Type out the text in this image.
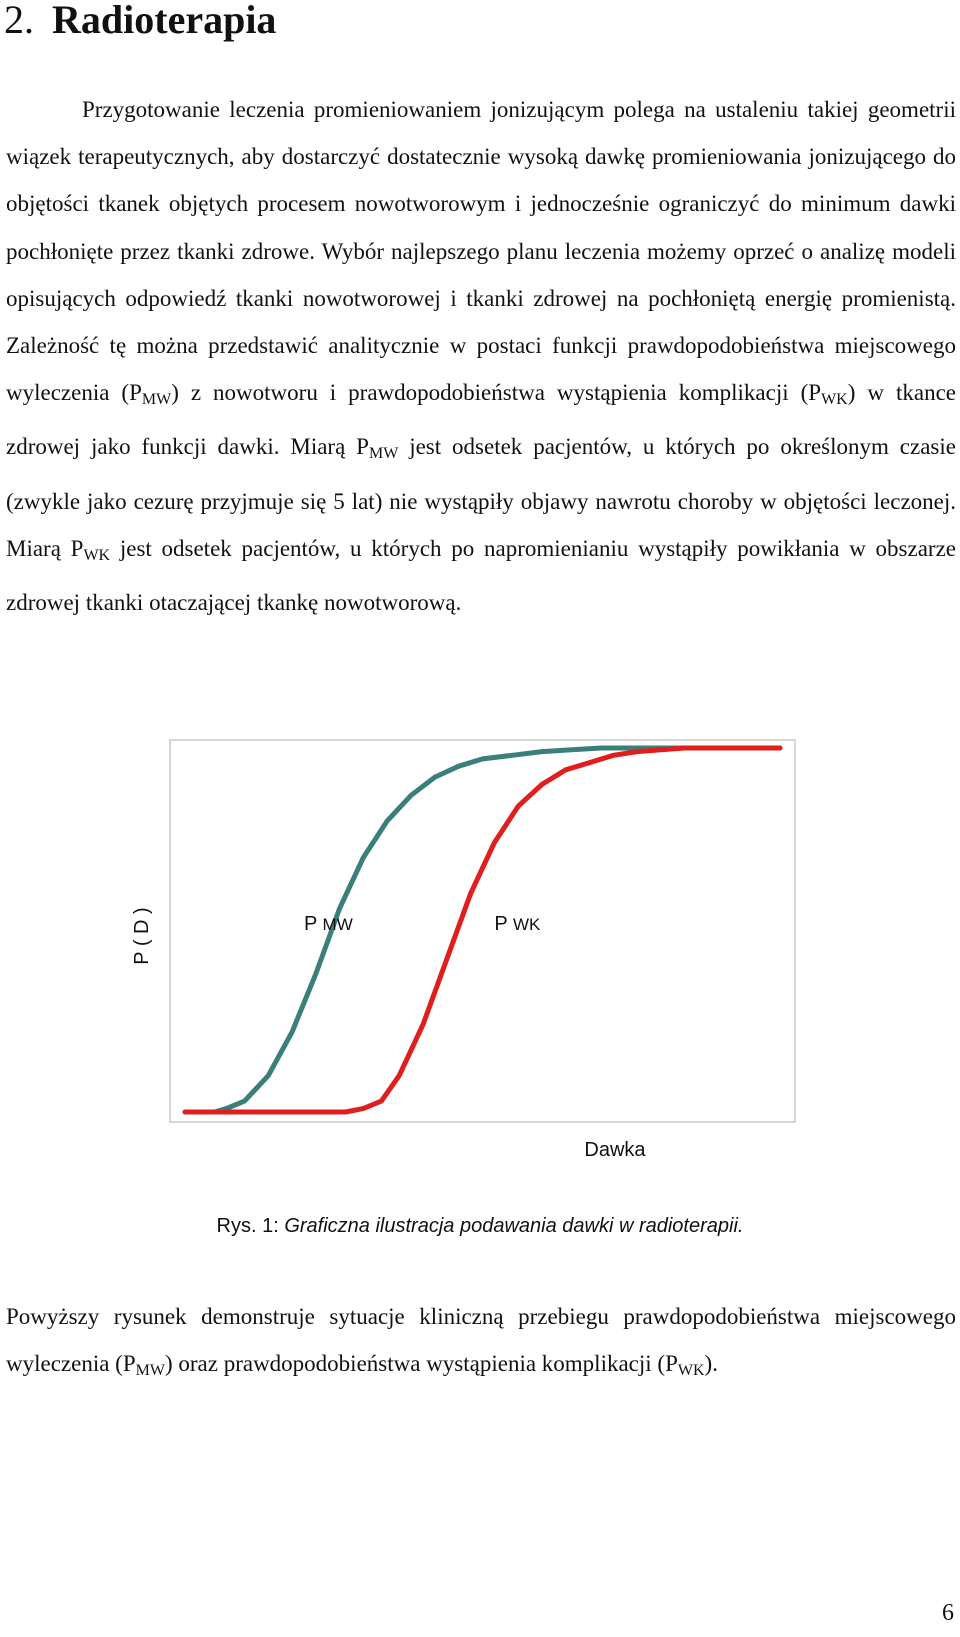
2. Radioterapia

Przygotowanie leczenia promieniowaniem jonizującym polega na ustaleniu takiej geometrii wiązek terapeutycznych, aby dostarczyć dostatecznie wysoką dawkę promieniowania jonizującego do objętości tkanek objętych procesem nowotworowym i jednocześnie ograniczyć do minimum dawki pochłonięte przez tkanki zdrowe. Wybór najlepszego planu leczenia możemy oprzeć o analizę modeli opisujących odpowiedź tkanki nowotworowej i tkanki zdrowej na pochłoniętą energię promienistą. Zależność tę można przedstawić analitycznie w postaci funkcji prawdopodobieństwa miejscowego wyleczenia $(P_{MW})$ z nowotworu i prawdopodobieństwa wystąpienia komplikacji $(P_{WK})$ w tkance zdrowej jako funkcji dawki. Miarą $P_{MW}$ jest odsetek pacjentów, u których po określonym czasie (zwykle jako cezurę przyjmuje się 5 lat) nie wystąpiły objawy nawrotu choroby w objętości leczonej. Miarą $P_{WK}$ jest odsetek pacjentów, u których po napromienianiu wystąpiły powikłania w obszarze zdrowej tkanki otaczającej tkankę nowotworową.

P MW	P WK
Dawka
P ( D )
Rys. 1: Graficzna ilustracja podawania dawki w radioterapii.

Powyższy rysunek demonstruje sytuacje kliniczną przebiegu prawdopodobieństwa miejscowego wyleczenia $(P_{MW})$ oraz prawdopodobieństwa wystąpienia komplikacji $(P_{WK})$.

6
